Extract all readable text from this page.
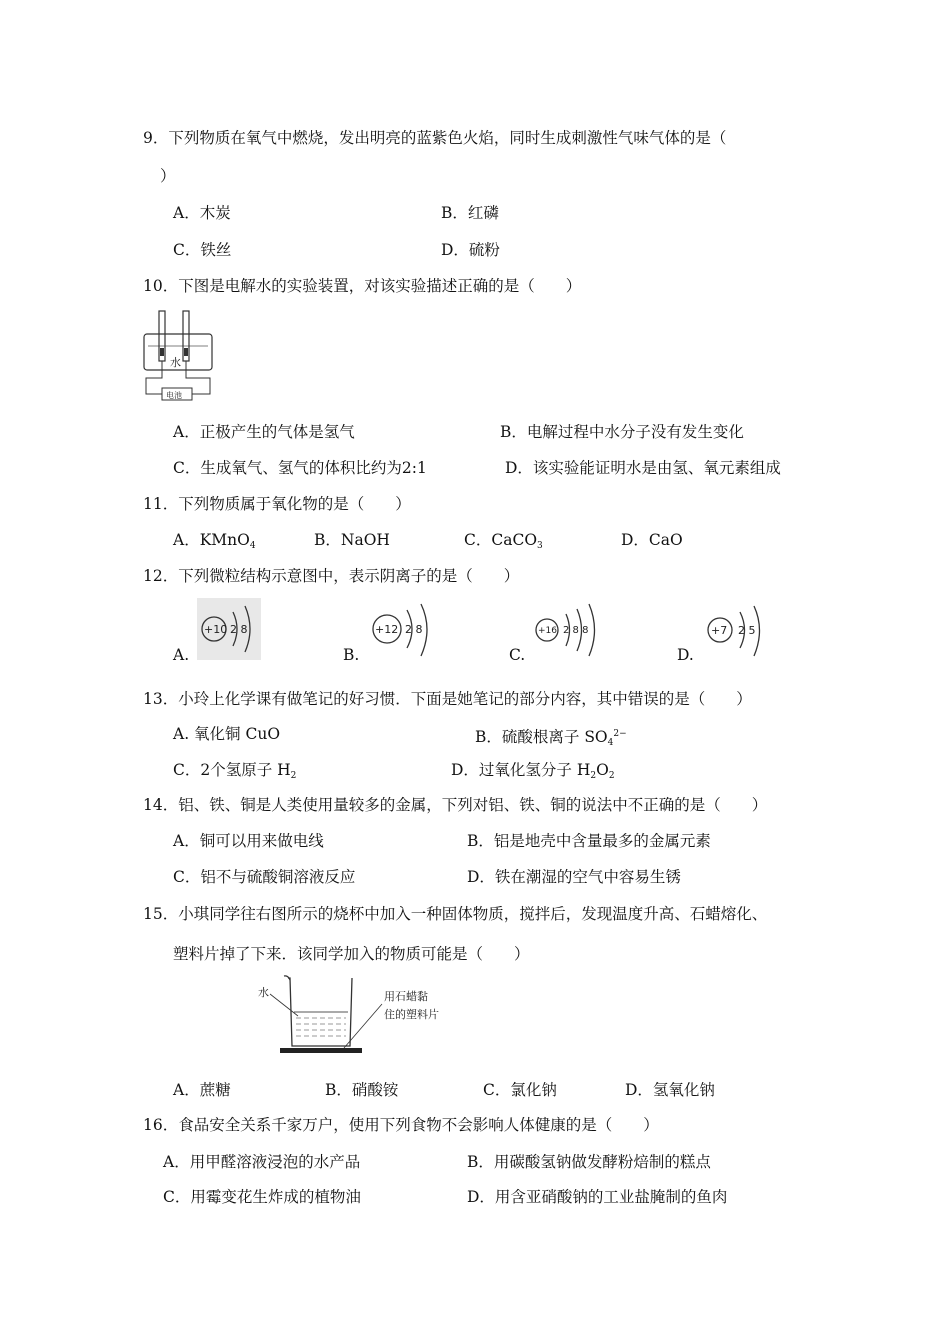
9．下列物质在氧气中燃烧，发出明亮的蓝紫色火焰，同时生成刺激性气味气体的是（
）
A．木炭	B．红磷
C．铁丝	D．硫粉
10．下图是电解水的实验装置，对该实验描述正确的是（　　）
水
电池
A．正极产生的气体是氢气	B．电解过程中水分子没有发生变化
C．生成氧气、氢气的体积比约为2:1	D．该实验能证明水是由氢、氧元素组成
11．下列物质属于氧化物的是（　　）
A．KMnO$_4$	B．NaOH	C．CaCO$_3$	D．CaO
12．下列微粒结构示意图中，表示阴离子的是（　　）
A.
+10 2 8
B.
+12 2 8
C.
+16 2 8 8
D.
+7 2 5
13．小玲上化学课有做笔记的好习惯．下面是她笔记的部分内容，其中错误的是（　　）
A. 氧化铜 CuO	B．硫酸根离子 $SO_4^{2-}$
C．2个氢原子 $H_2$	D．过氧化氢分子 $H_2O_2$
14．铝、铁、铜是人类使用量较多的金属，下列对铝、铁、铜的说法中不正确的是（　　）
A．铜可以用来做电线	B．铝是地壳中含量最多的金属元素
C．铝不与硫酸铜溶液反应	D．铁在潮湿的空气中容易生锈
15．小琪同学往右图所示的烧杯中加入一种固体物质，搅拌后，发现温度升高、石蜡熔化、
塑料片掉了下来．该同学加入的物质可能是（　　）
水	用石蜡黏
住的塑料片
A．蔗糖	B．硝酸铵	C．氯化钠	D．氢氧化钠
16．食品安全关系千家万户，使用下列食物不会影响人体健康的是（　　）
A．用甲醛溶液浸泡的水产品	B．用碳酸氢钠做发酵粉焙制的糕点
C．用霉变花生炸成的植物油	D．用含亚硝酸钠的工业盐腌制的鱼肉
